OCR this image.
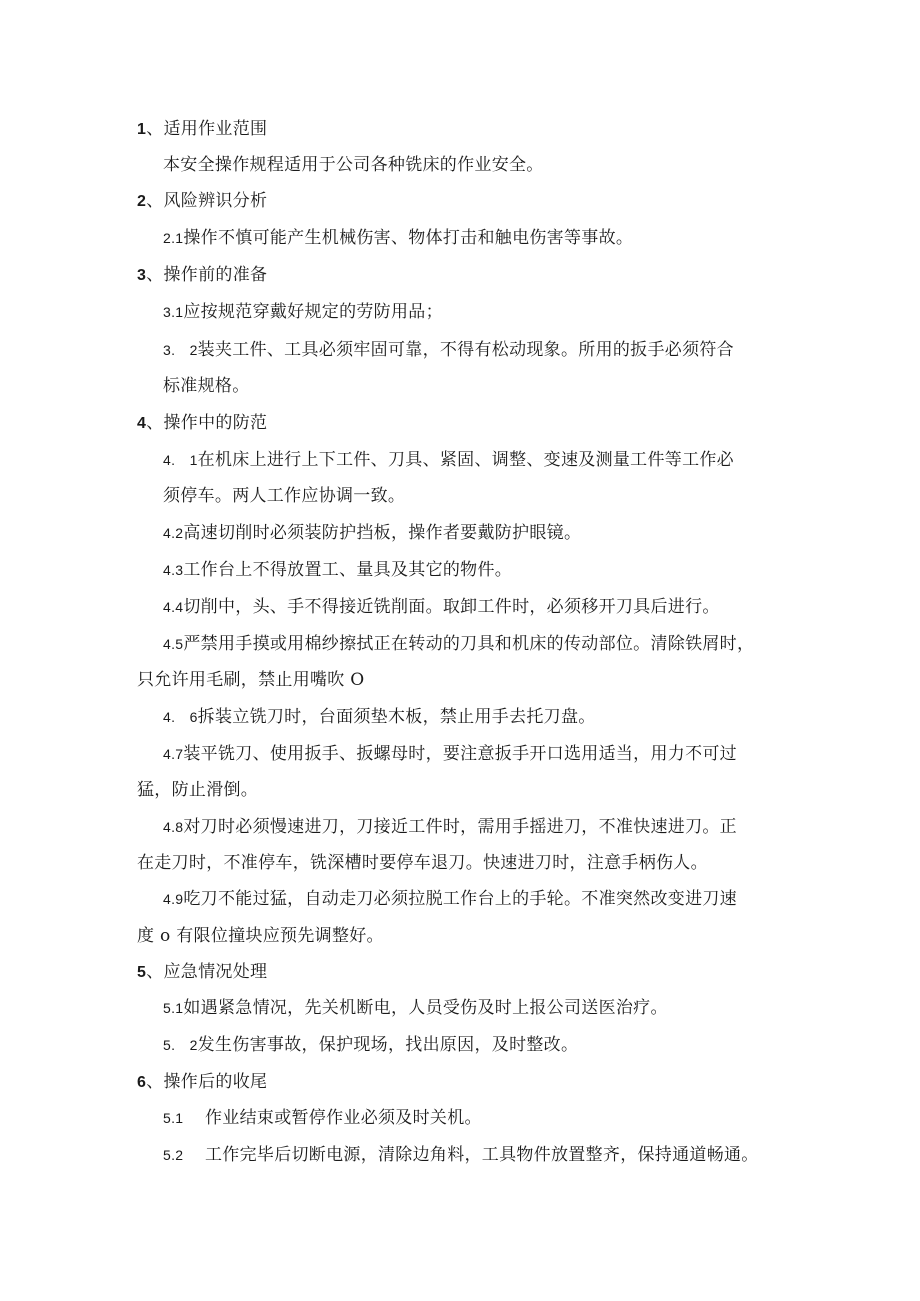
1、适用作业范围
本安全操作规程适用于公司各种铣床的作业安全。
2、风险辨识分析
2.1操作不慎可能产生机械伤害、物体打击和触电伤害等事故。
3、操作前的准备
3.1应按规范穿戴好规定的劳防用品；
3.　2装夹工件、工具必须牢固可靠，不得有松动现象。所用的扳手必须符合
标准规格。
4、操作中的防范
4.　1在机床上进行上下工件、刀具、紧固、调整、变速及测量工件等工作必
须停车。两人工作应协调一致。
4.2高速切削时必须装防护挡板，操作者要戴防护眼镜。
4.3工作台上不得放置工、量具及其它的物件。
4.4切削中，头、手不得接近铣削面。取卸工件时，必须移开刀具后进行。
4.5严禁用手摸或用棉纱擦拭正在转动的刀具和机床的传动部位。清除铁屑时，
只允许用毛刷，禁止用嘴吹 O
4.　6拆装立铣刀时，台面须垫木板，禁止用手去托刀盘。
4.7装平铣刀、使用扳手、扳螺母时，要注意扳手开口选用适当，用力不可过
猛，防止滑倒。
4.8对刀时必须慢速进刀，刀接近工件时，需用手摇进刀，不准快速进刀。正
在走刀时，不准停车，铣深槽时要停车退刀。快速进刀时，注意手柄伤人。
4.9吃刀不能过猛，自动走刀必须拉脱工作台上的手轮。不准突然改变进刀速
度 o 有限位撞块应预先调整好。
5、应急情况处理
5.1如遇紧急情况，先关机断电，人员受伤及时上报公司送医治疗。
5.　2发生伤害事故，保护现场，找出原因，及时整改。
6、操作后的收尾
5.1 作业结束或暂停作业必须及时关机。
5.2 工作完毕后切断电源，清除边角料，工具物件放置整齐，保持通道畅通。
